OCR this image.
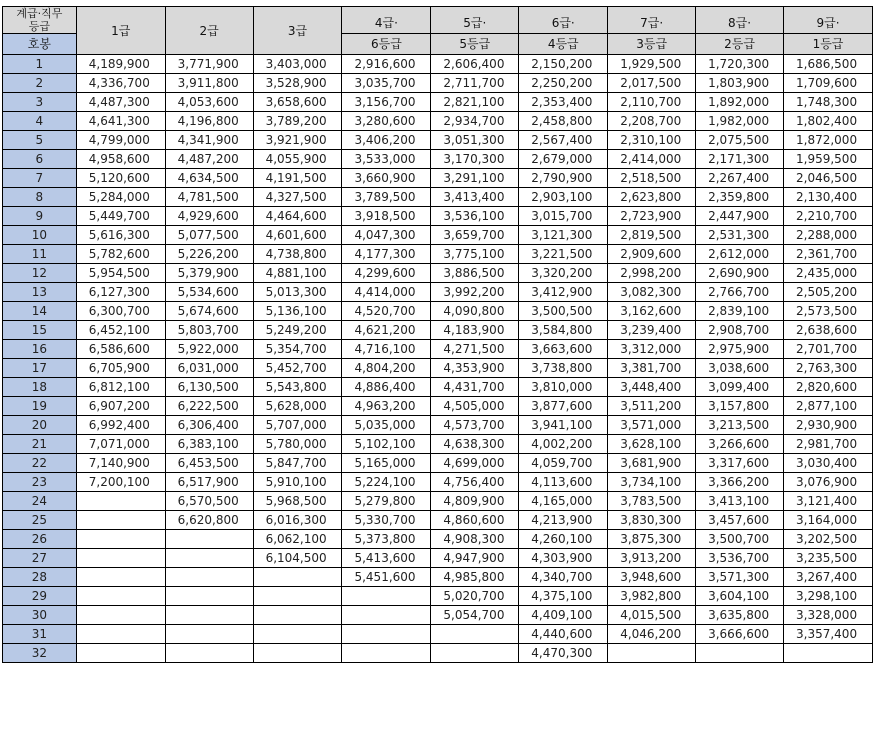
계급·직무
등급	1급	2급	3급	4급·	5급·	6급·	7급·	8급·	9급·
호봉				6등급	5등급	4등급	3등급	2등급	1등급
1	4,189,900	3,771,900	3,403,000	2,916,600	2,606,400	2,150,200	1,929,500	1,720,300	1,686,500
2	4,336,700	3,911,800	3,528,900	3,035,700	2,711,700	2,250,200	2,017,500	1,803,900	1,709,600
3	4,487,300	4,053,600	3,658,600	3,156,700	2,821,100	2,353,400	2,110,700	1,892,000	1,748,300
4	4,641,300	4,196,800	3,789,200	3,280,600	2,934,700	2,458,800	2,208,700	1,982,000	1,802,400
5	4,799,000	4,341,900	3,921,900	3,406,200	3,051,300	2,567,400	2,310,100	2,075,500	1,872,000
6	4,958,600	4,487,200	4,055,900	3,533,000	3,170,300	2,679,000	2,414,000	2,171,300	1,959,500
7	5,120,600	4,634,500	4,191,500	3,660,900	3,291,100	2,790,900	2,518,500	2,267,400	2,046,500
8	5,284,000	4,781,500	4,327,500	3,789,500	3,413,400	2,903,100	2,623,800	2,359,800	2,130,400
9	5,449,700	4,929,600	4,464,600	3,918,500	3,536,100	3,015,700	2,723,900	2,447,900	2,210,700
10	5,616,300	5,077,500	4,601,600	4,047,300	3,659,700	3,121,300	2,819,500	2,531,300	2,288,000
11	5,782,600	5,226,200	4,738,800	4,177,300	3,775,100	3,221,500	2,909,600	2,612,000	2,361,700
12	5,954,500	5,379,900	4,881,100	4,299,600	3,886,500	3,320,200	2,998,200	2,690,900	2,435,000
13	6,127,300	5,534,600	5,013,300	4,414,000	3,992,200	3,412,900	3,082,300	2,766,700	2,505,200
14	6,300,700	5,674,600	5,136,100	4,520,700	4,090,800	3,500,500	3,162,600	2,839,100	2,573,500
15	6,452,100	5,803,700	5,249,200	4,621,200	4,183,900	3,584,800	3,239,400	2,908,700	2,638,600
16	6,586,600	5,922,000	5,354,700	4,716,100	4,271,500	3,663,600	3,312,000	2,975,900	2,701,700
17	6,705,900	6,031,000	5,452,700	4,804,200	4,353,900	3,738,800	3,381,700	3,038,600	2,763,300
18	6,812,100	6,130,500	5,543,800	4,886,400	4,431,700	3,810,000	3,448,400	3,099,400	2,820,600
19	6,907,200	6,222,500	5,628,000	4,963,200	4,505,000	3,877,600	3,511,200	3,157,800	2,877,100
20	6,992,400	6,306,400	5,707,000	5,035,000	4,573,700	3,941,100	3,571,000	3,213,500	2,930,900
21	7,071,000	6,383,100	5,780,000	5,102,100	4,638,300	4,002,200	3,628,100	3,266,600	2,981,700
22	7,140,900	6,453,500	5,847,700	5,165,000	4,699,000	4,059,700	3,681,900	3,317,600	3,030,400
23	7,200,100	6,517,900	5,910,100	5,224,100	4,756,400	4,113,600	3,734,100	3,366,200	3,076,900
24		6,570,500	5,968,500	5,279,800	4,809,900	4,165,000	3,783,500	3,413,100	3,121,400
25		6,620,800	6,016,300	5,330,700	4,860,600	4,213,900	3,830,300	3,457,600	3,164,000
26			6,062,100	5,373,800	4,908,300	4,260,100	3,875,300	3,500,700	3,202,500
27			6,104,500	5,413,600	4,947,900	4,303,900	3,913,200	3,536,700	3,235,500
28				5,451,600	4,985,800	4,340,700	3,948,600	3,571,300	3,267,400
29					5,020,700	4,375,100	3,982,800	3,604,100	3,298,100
30					5,054,700	4,409,100	4,015,500	3,635,800	3,328,000
31						4,440,600	4,046,200	3,666,600	3,357,400
32						4,470,300			
